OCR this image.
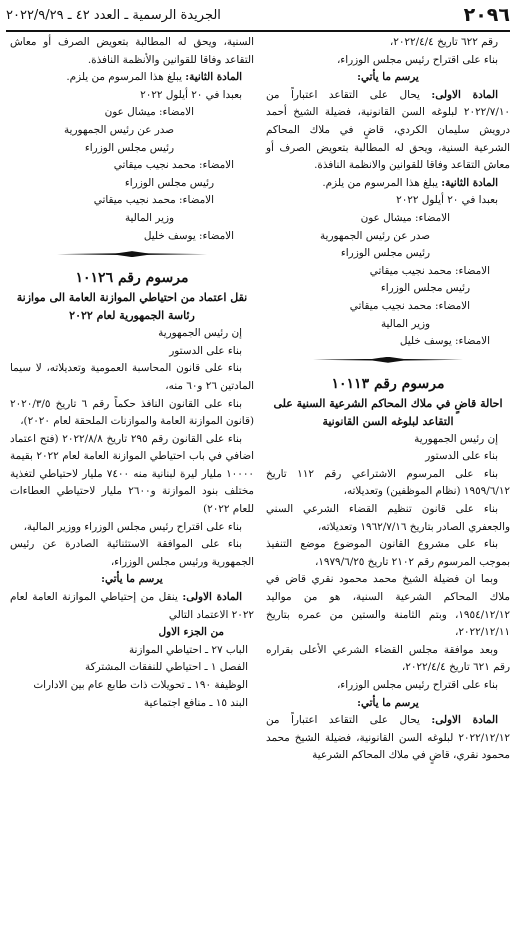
٢٠٩٦
الجريدة الرسمية ـ العدد ٤٢ ـ ٢٠٢٢/٩/٢٩

رقم ٦٢٢ تاريخ ٢٠٢٢/٤/٤،

بناء على اقتراح رئيس مجلس الوزراء،

يرسم ما يأتي:

المادة الاولى: يحال على التقاعد اعتباراً من ٢٠٢٢/٧/١٠ لبلوغه السن القانونية، فضيلة الشيخ أحمد درويش سليمان الكردي، قاضٍ في ملاك المحاكم الشرعية السنية، ويحق له المطالبة بتعويض الصرف أو معاش التقاعد وفاقا للقوانين والانظمة النافذة.

المادة الثانية: يبلغ هذا المرسوم من يلزم.

بعبدا في ٢٠ أيلول ٢٠٢٢

الامضاء: ميشال عون

صدر عن رئيس الجمهورية

رئيس مجلس الوزراء

الامضاء: محمد نجيب ميقاتي

رئيس مجلس الوزراء

الامضاء: محمد نجيب ميقاتي

وزير المالية

الامضاء: يوسف خليل

مرسوم رقم ١٠١١٣

احالة قاضٍ في ملاك المحاكم الشرعية السنية على التقاعد لبلوغه السن القانونية

إن رئيس الجمهورية

بناء على الدستور

بناء على المرسوم الاشتراعي رقم ١١٢ تاريخ ١٩٥٩/٦/١٢ (نظام الموظفين) وتعديلاته،

بناء على قانون تنظيم القضاء الشرعي السني والجعفري الصادر بتاريخ ١٩٦٢/٧/١٦ وتعديلاته،

بناء على مشروع القانون الموضوع موضع التنفيذ بموجب المرسوم رقم ٢١٠٢ تاريخ ١٩٧٩/٦/٢٥،

وبما ان فضيلة الشيخ محمد محمود نقري قاض في ملاك المحاكم الشرعية السنية، هو من مواليد ١٩٥٤/١٢/١٢، وبتم الثامنة والستين من عمره بتاريخ ٢٠٢٢/١٢/١١،

وبعد موافقة مجلس القضاء الشرعي الأعلى بقراره رقم ٦٢١ تاريخ ٢٠٢٢/٤/٤،

بناء على اقتراح رئيس مجلس الوزراء،

يرسم ما يأتي:

المادة الاولى: يحال على التقاعد اعتباراً من ٢٠٢٢/١٢/١٢ لبلوغه السن القانونية، فضيلة الشيخ محمد محمود نقري، قاضٍ في ملاك المحاكم الشرعية

السنية، ويحق له المطالبة بتعويض الصرف أو معاش التقاعد وفاقا للقوانين والأنظمة النافذة.

المادة الثانية: يبلغ هذا المرسوم من يلزم.

بعبدا في ٢٠ أيلول ٢٠٢٢

الامضاء: ميشال عون

صدر عن رئيس الجمهورية

رئيس مجلس الوزراء

الامضاء: محمد نجيب ميقاتي

رئيس مجلس الوزراء

الامضاء: محمد نجيب ميقاتي

وزير المالية

الامضاء: يوسف خليل

مرسوم رقم ١٠١٢٦

نقل اعتماد من احتياطي الموازنة العامة الى موازنة رئاسة الجمهورية لعام ٢٠٢٢

إن رئيس الجمهورية

بناء على الدستور

بناء على قانون المحاسبة العمومية وتعديلاته، لا سيما المادتين ٢٦ و٦٠ منه،

بناء على القانون النافذ حكماً رقم ٦ تاريخ ٢٠٢٠/٣/٥ (قانون الموازنة العامة والموازنات الملحقة لعام ٢٠٢٠)،

بناء على القانون رقم ٢٩٥ تاريخ ٢٠٢٢/٨/٨ (فتح اعتماد اضافي في باب احتياطي الموازنة العامة لعام ٢٠٢٢ بقيمة ١٠٠٠٠ مليار ليرة لبنانية منه ٧٤٠٠ مليار لاحتياطي لتغذية مختلف بنود الموازنة و٢٦٠٠ مليار لاحتياطي العطاءات للعام ٢٠٢٢)

بناء على اقتراح رئيس مجلس الوزراء ووزير المالية،

بناء على الموافقة الاستثنائية الصادرة عن رئيس الجمهورية ورئيس مجلس الوزراء،

يرسم ما يأتي:

المادة الاولى: ينقل من إحتياطي الموازنة العامة لعام ٢٠٢٢ الاعتماد التالي

من الجزء الاول

الباب ٢٧ ـ احتياطي الموازنة

الفصل ١ ـ احتياطي للنفقات المشتركة

الوظيفة ١٩٠ ـ تحويلات ذات طابع عام بين الادارات

البند ١٥ ـ منافع اجتماعية
